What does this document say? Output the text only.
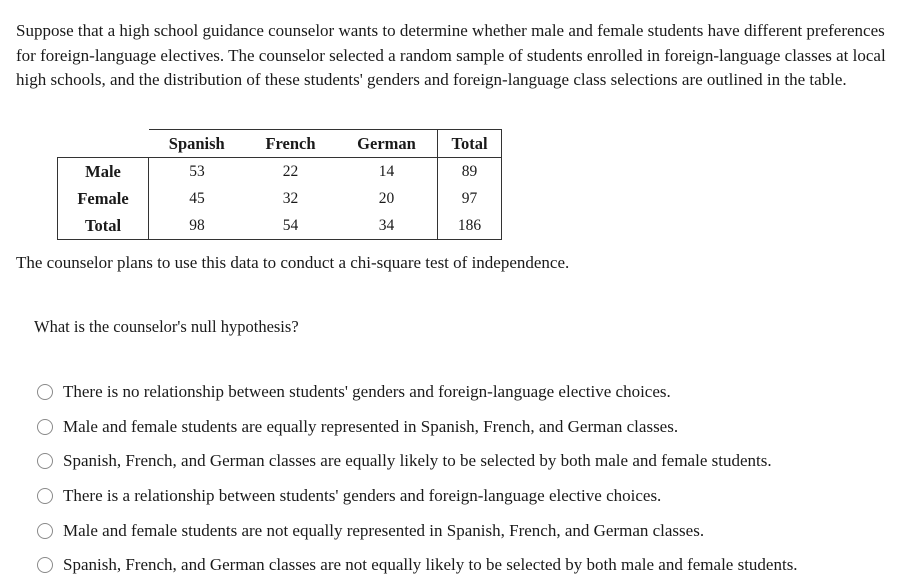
Suppose that a high school guidance counselor wants to determine whether male and female students have different preferences for foreign-language electives. The counselor selected a random sample of students enrolled in foreign-language classes at local high schools, and the distribution of these students' genders and foreign-language class selections are outlined in the table.

	Spanish	French	German	Total
Male	53	22	14	89
Female	45	32	20	97
Total	98	54	34	186

The counselor plans to use this data to conduct a chi-square test of independence.

What is the counselor's null hypothesis?

There is no relationship between students' genders and foreign-language elective choices.
Male and female students are equally represented in Spanish, French, and German classes.
Spanish, French, and German classes are equally likely to be selected by both male and female students.
There is a relationship between students' genders and foreign-language elective choices.
Male and female students are not equally represented in Spanish, French, and German classes.
Spanish, French, and German classes are not equally likely to be selected by both male and female students.
